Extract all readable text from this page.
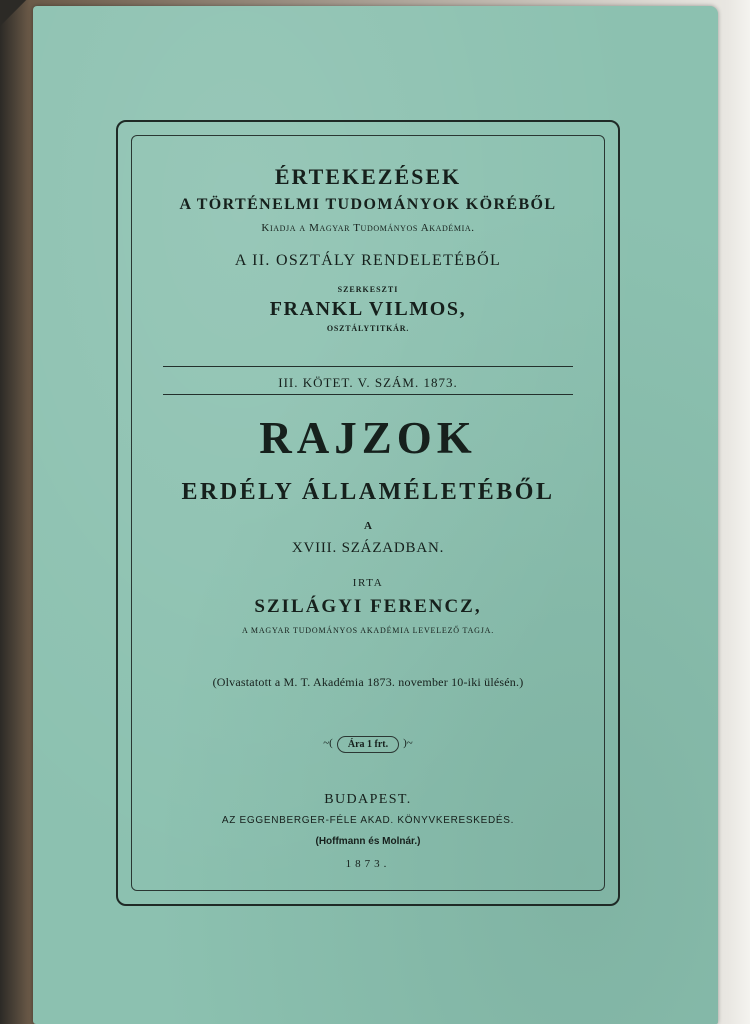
ÉRTEKEZÉSEK
A TÖRTÉNELMI TUDOMÁNYOK KÖRÉBŐL
Kiadja a Magyar Tudományos Akadémia.
A II. OSZTÁLY RENDELETÉBŐL
SZERKESZTI
FRANKL VILMOS,
OSZTÁLYTITKÁR.
III. KÖTET. V. SZÁM. 1873.
RAJZOK
ERDÉLY ÁLLAMÉLETÉBŐL
A
XVIII. SZÁZADBAN.
IRTA
SZILÁGYI FERENCZ,
A MAGYAR TUDOMÁNYOS AKADÉMIA LEVELEZŐ TAGJA.
(Olvastatott a M. T. Akadémia 1873. november 10-iki ülésén.)
~( Ára 1 frt. )~
BUDAPEST.
AZ EGGENBERGER-FÉLE AKAD. KÖNYVKERESKEDÉS.
(Hoffmann és Molnár.)
1873.
